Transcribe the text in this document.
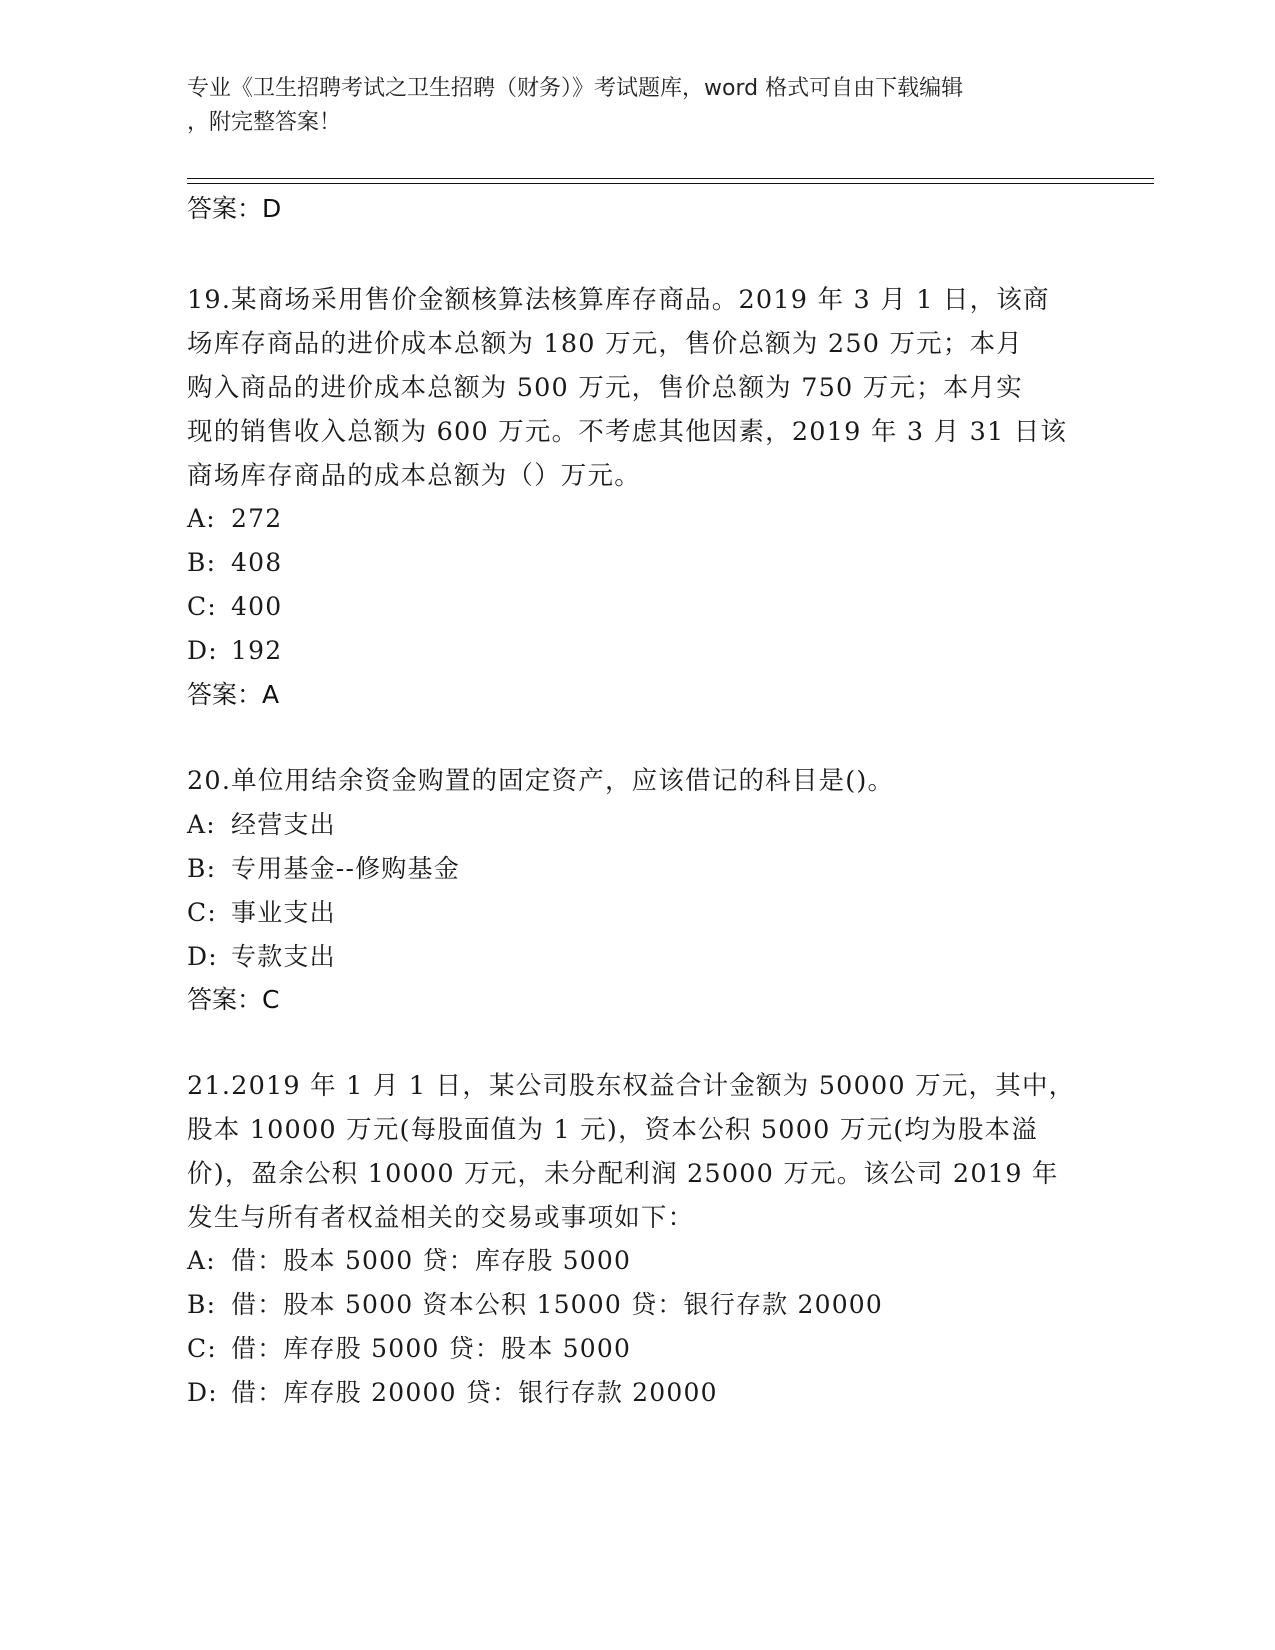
专业《卫生招聘考试之卫生招聘（财务）》考试题库，word 格式可自由下载编辑
，附完整答案！
答案：D
19.某商场采用售价金额核算法核算库存商品。2019 年 3 月 1 日，该商
场库存商品的进价成本总额为 180 万元，售价总额为 250 万元；本月
购入商品的进价成本总额为 500 万元，售价总额为 750 万元；本月实
现的销售收入总额为 600 万元。不考虑其他因素，2019 年 3 月 31 日该
商场库存商品的成本总额为（）万元。
A: 272
B: 408
C: 400
D: 192
答案：A
20.单位用结余资金购置的固定资产，应该借记的科目是()。
A: 经营支出
B: 专用基金--修购基金
C: 事业支出
D: 专款支出
答案：C
21.2019 年 1 月 1 日，某公司股东权益合计金额为 50000 万元，其中，
股本 10000 万元(每股面值为 1 元)，资本公积 5000 万元(均为股本溢
价)，盈余公积 10000 万元，未分配利润 25000 万元。该公司 2019 年
发生与所有者权益相关的交易或事项如下：
A: 借：股本 5000 贷：库存股 5000
B: 借：股本 5000 资本公积 15000 贷：银行存款 20000
C: 借：库存股 5000 贷：股本 5000
D: 借：库存股 20000 贷：银行存款 20000
